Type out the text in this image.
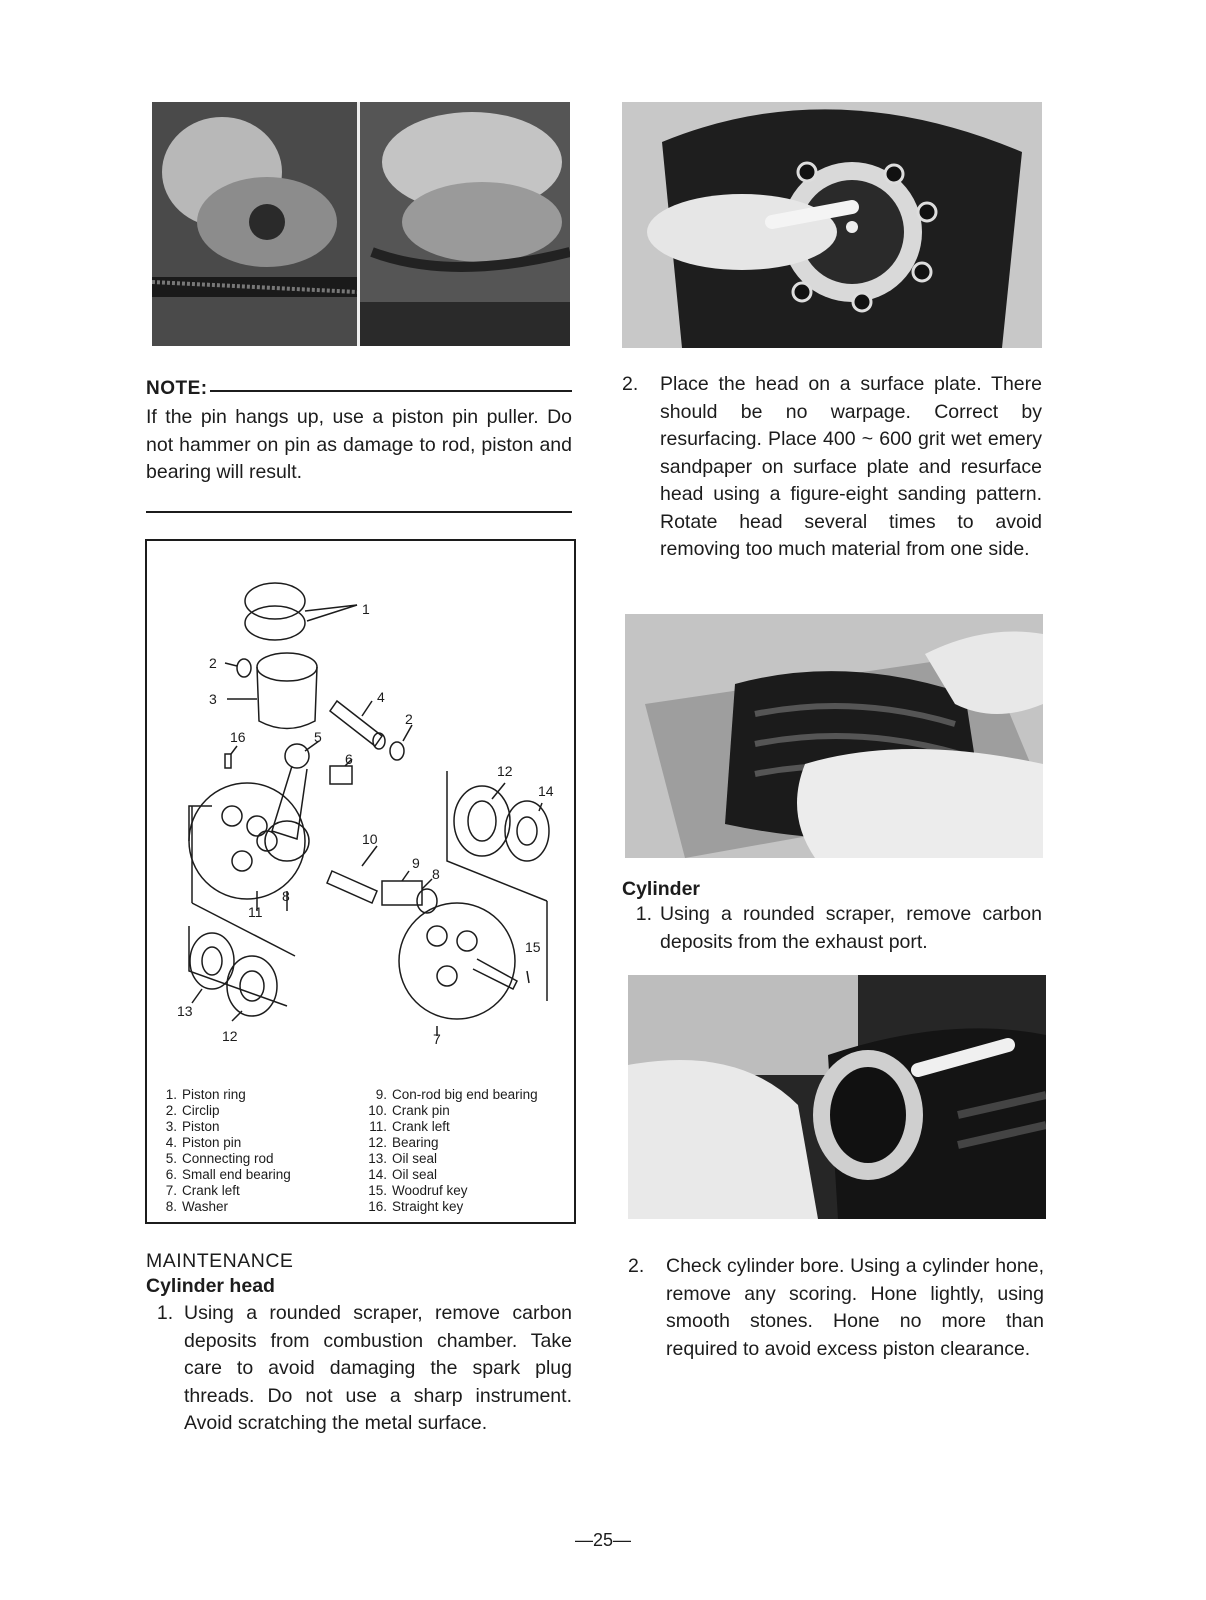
NOTE:
If the pin hangs up, use a piston pin puller. Do not hammer on pin as damage to rod, piston and bearing will result.
1
2
3	4
2
16	5
6
12
14
10
9
8
8
11
15
13
12	7
1. Piston ring
2. Circlip
3. Piston
4. Piston pin
5. Connecting rod
6. Small end bearing
7. Crank left
8. Washer
9. Con-rod big end bearing
10. Crank pin
11. Crank left
12. Bearing
13. Oil seal
14. Oil seal
15. Woodruf key
16. Straight key
MAINTENANCE
Cylinder head
1. Using a rounded scraper, remove carbon deposits from combustion chamber. Take care to avoid damaging the spark plug threads. Do not use a sharp instrument. Avoid scratching the metal surface.
2.	Place the head on a surface plate. There should be no warpage. Correct by resurfacing. Place 400 ~ 600 grit wet emery sandpaper on surface plate and resurface head using a figure-eight sanding pattern. Rotate head several times to avoid removing too much material from one side.
Cylinder
1. Using a rounded scraper, remove carbon deposits from the exhaust port.
2.	Check cylinder bore. Using a cylinder hone, remove any scoring. Hone lightly, using smooth stones. Hone no more than required to avoid excess piston clearance.
—25—
